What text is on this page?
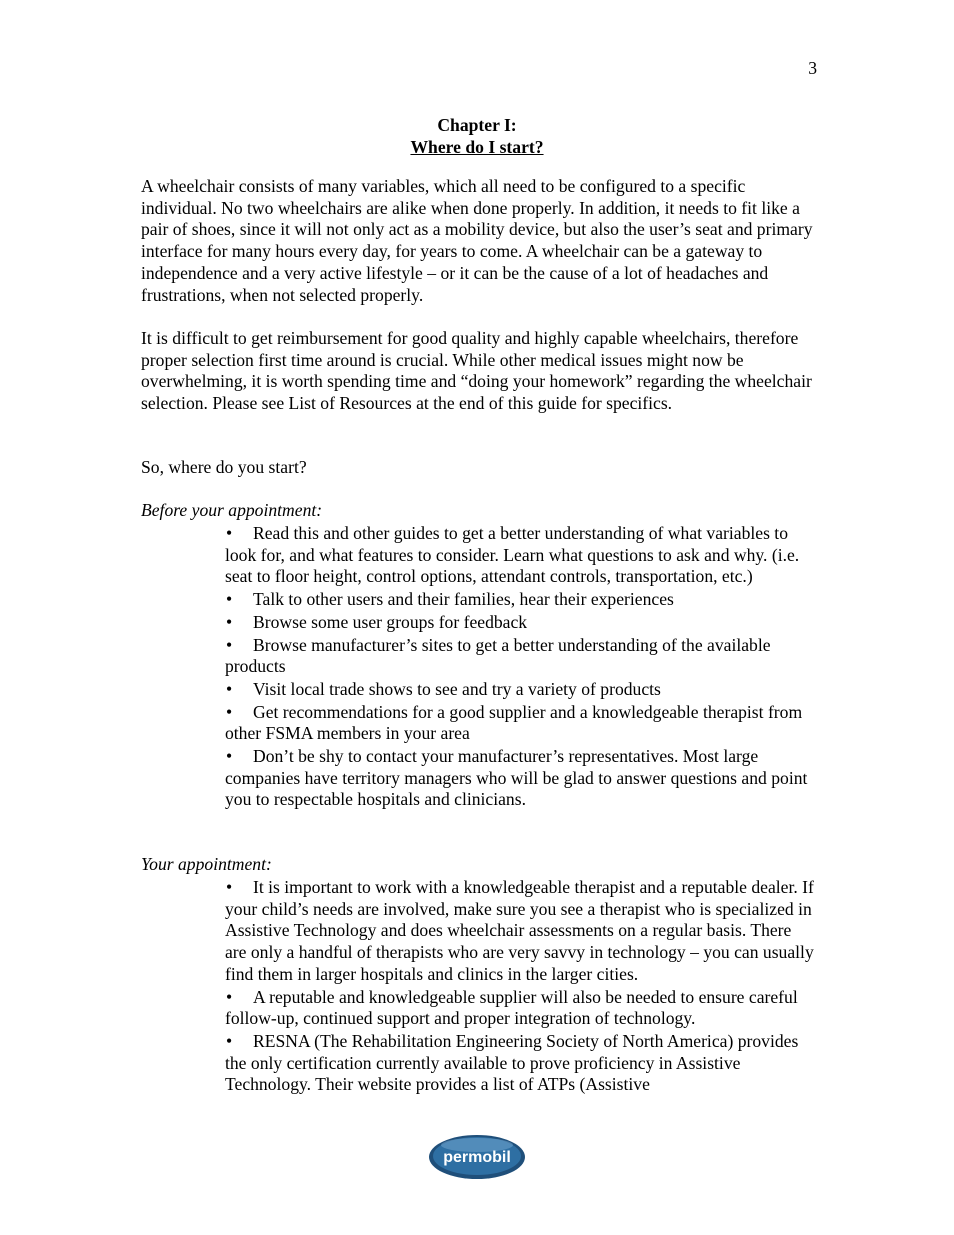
3
Chapter I:
Where do I start?

A wheelchair consists of many variables, which all need to be configured to a specific individual. No two wheelchairs are alike when done properly. In addition, it needs to fit like a pair of shoes, since it will not only act as a mobility device, but also the user’s seat and primary interface for many hours every day, for years to come. A wheelchair can be a gateway to independence and a very active lifestyle – or it can be the cause of a lot of headaches and frustrations, when not selected properly.

It is difficult to get reimbursement for good quality and highly capable wheelchairs, therefore proper selection first time around is crucial. While other medical issues might now be overwhelming, it is worth spending time and “doing your homework” regarding the wheelchair selection. Please see List of Resources at the end of this guide for specifics.

So, where do you start?

Before your appointment:

• Read this and other guides to get a better understanding of what variables to look for, and what features to consider. Learn what questions to ask and why. (i.e. seat to floor height, control options, attendant controls, transportation, etc.)
• Talk to other users and their families, hear their experiences
• Browse some user groups for feedback
• Browse manufacturer’s sites to get a better understanding of the available products
• Visit local trade shows to see and try a variety of products
• Get recommendations for a good supplier and a knowledgeable therapist from other FSMA members in your area
• Don’t be shy to contact your manufacturer’s representatives. Most large companies have territory managers who will be glad to answer questions and point you to respectable hospitals and clinicians.

Your appointment:

• It is important to work with a knowledgeable therapist and a reputable dealer. If your child’s needs are involved, make sure you see a therapist who is specialized in Assistive Technology and does wheelchair assessments on a regular basis. There are only a handful of therapists who are very savvy in technology – you can usually find them in larger hospitals and clinics in the larger cities.
• A reputable and knowledgeable supplier will also be needed to ensure careful follow-up, continued support and proper integration of technology.
• RESNA (The Rehabilitation Engineering Society of North America) provides the only certification currently available to prove proficiency in Assistive Technology. Their website provides a list of ATPs (Assistive
permobil
